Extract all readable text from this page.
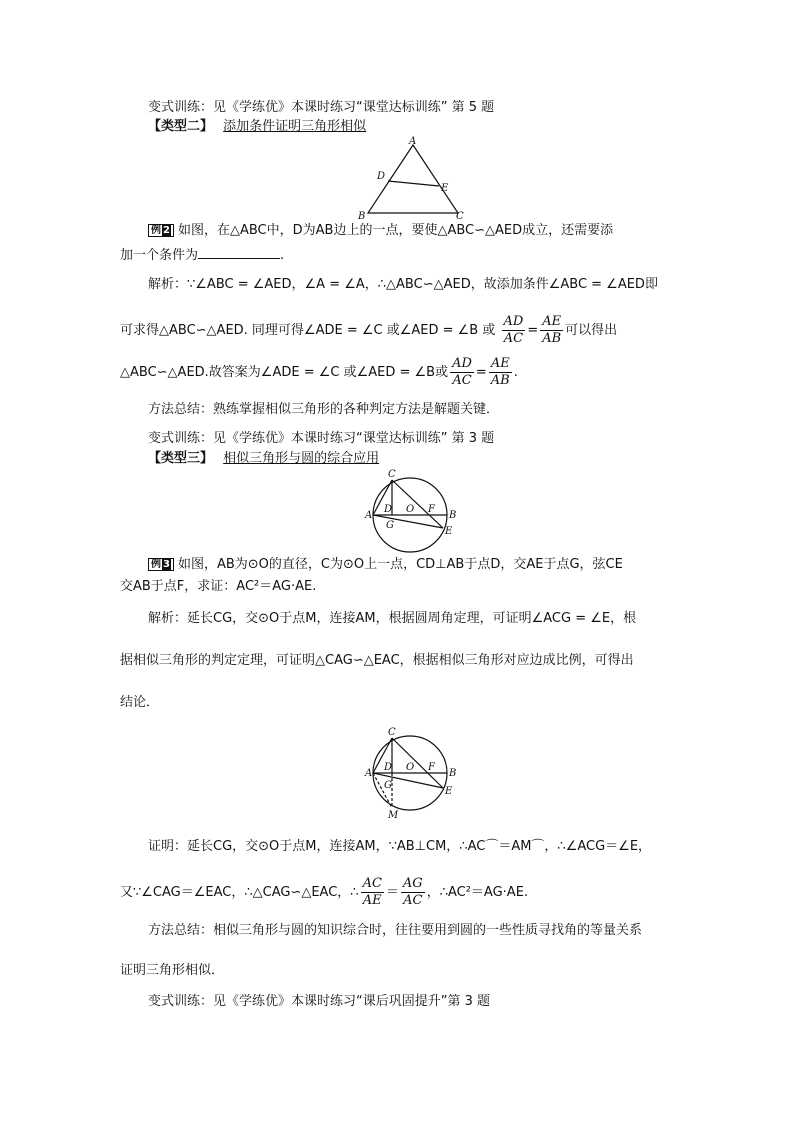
变式训练：见《学练优》本课时练习“课堂达标训练” 第 5 题
【类型二】 添加条件证明三角形相似
A
B	C
D
E
例 2 如图，在△ABC中，D为AB边上的一点，要使△ABC∽△AED成立，还需要添
加一个条件为	.
解析：∵∠ABC = ∠AED，∠A = ∠A，∴△ABC∽△AED，故添加条件∠ABC = ∠AED即
可求得△ABC∽△AED. 同理可得∠ADE = ∠C 或∠AED = ∠B 或 $\frac{AD}{AC} = \frac{AE}{AB}$ 可以得出
△ABC∽△AED.故答案为∠ADE = ∠C 或∠AED = ∠B或 $\frac{AD}{AC} = \frac{AE}{AB}$ .
方法总结：熟练掌握相似三角形的各种判定方法是解题关键．
变式训练：见《学练优》本课时练习“课堂达标训练” 第 3 题
【类型三】 相似三角形与圆的综合应用
C
A
D O F
B
G
E
例 3 如图，AB为⊙O的直径，C为⊙O上一点，CD⊥AB于点D，交AE于点G，弦CE
交AB于点F，求证：AC²＝AG·AE.
解析：延长CG，交⊙O于点M，连接AM，根据圆周角定理，可证明∠ACG = ∠E，根
据相似三角形的判定定理，可证明△CAG∽△EAC，根据相似三角形对应边成比例，可得出
结论．
C
A
D O F
B
G
E
M
证明：延长CG，交⊙O于点M，连接AM，∵AB⊥CM，∴AC⌒＝AM⌒，∴∠ACG＝∠E，
又∵∠CAG＝∠EAC，∴△CAG∽△EAC，∴ $\frac{AC}{AE} = \frac{AG}{AC}$ ，∴AC²＝AG·AE.
方法总结：相似三角形与圆的知识综合时，往往要用到圆的一些性质寻找角的等量关系
证明三角形相似．
变式训练：见《学练优》本课时练习“课后巩固提升”第 3 题
